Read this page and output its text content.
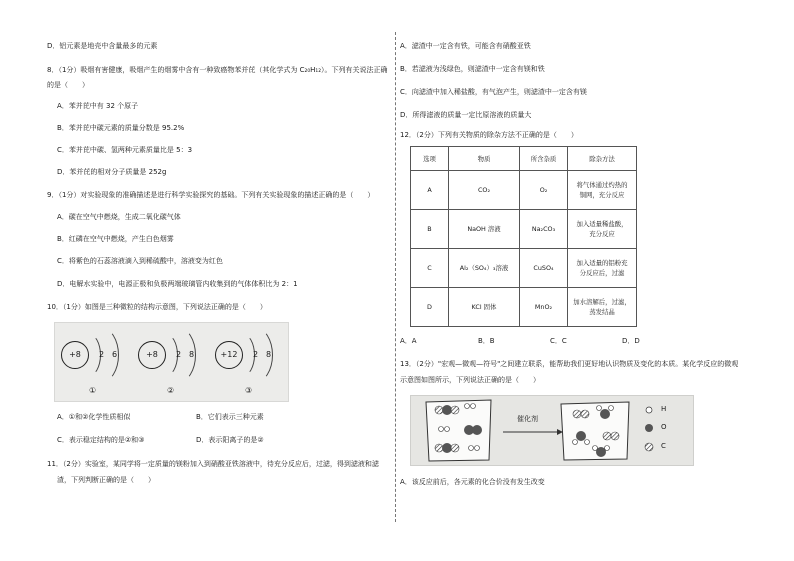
D．铝元素是地壳中含量最多的元素
8．（1分）吸烟有害健康，吸烟产生的烟雾中含有一种致癌物苯并芘（其化学式为 C₂₀H₁₂）。下列有关说法正确
的是（　　）
A．苯并芘中有 32 个原子
B．苯并芘中碳元素的质量分数是 95.2%
C．苯并芘中碳、氢两种元素质量比是 5：3
D．苯并芘的相对分子质量是 252g
9．（1分）对实验现象的准确描述是进行科学实验探究的基础。下列有关实验现象的描述正确的是（　　）
A．碳在空气中燃烧，生成二氧化碳气体
B．红磷在空气中燃烧，产生白色烟雾
C．将紫色的石蕊溶液滴入到稀硫酸中，溶液变为红色
D．电解水实验中，电源正极和负极两端玻璃管内收集到的气体体积比为 2：1
10．（1分）如图是三种微粒的结构示意图，下列说法正确的是（　　）
+8	2 6
①
+8	2 8
②
+12	2 8
③
A．①和②化学性质相似	B．它们表示三种元素
C．表示稳定结构的是②和③	D．表示阳离子的是②
11．（2分）实验室，某同学将一定质量的镁粉加入到硝酸亚铁溶液中，待充分反应后，过滤，得到滤液和滤
渣，下列判断正确的是（　　）
A．滤渣中一定含有铁，可能含有硝酸亚铁
B．若滤液为浅绿色，则滤渣中一定含有镁和铁
C．向滤渣中加入稀盐酸，有气泡产生，则滤渣中一定含有镁
D．所得滤液的质量一定比原溶液的质量大
12．（2分）下列有关物质的除杂方法不正确的是（　　）
选项	物质	所含杂质	除杂方法
A	CO₂	O₂	将气体通过灼热的
铜网，充分反应

B	NaOH 溶液	Na₂CO₃	加入适量稀盐酸，
充分反应

C	Al₂（SO₄）₃溶液	CuSO₄	加入适量的铝粉充
分反应后，过滤

D	KCl 固体	MnO₂	加水溶解后，过滤，
蒸发结晶
A．A	B．B	C．C	D．D
13．（2分）"宏观—微观—符号"之间建立联系，能帮助我们更好地认识物质及变化的本质。某化学反应的微观
示意图如图所示，下列说法正确的是（　　）
催化剂
H
O
C
A．该反应前后，各元素的化合价没有发生改变
